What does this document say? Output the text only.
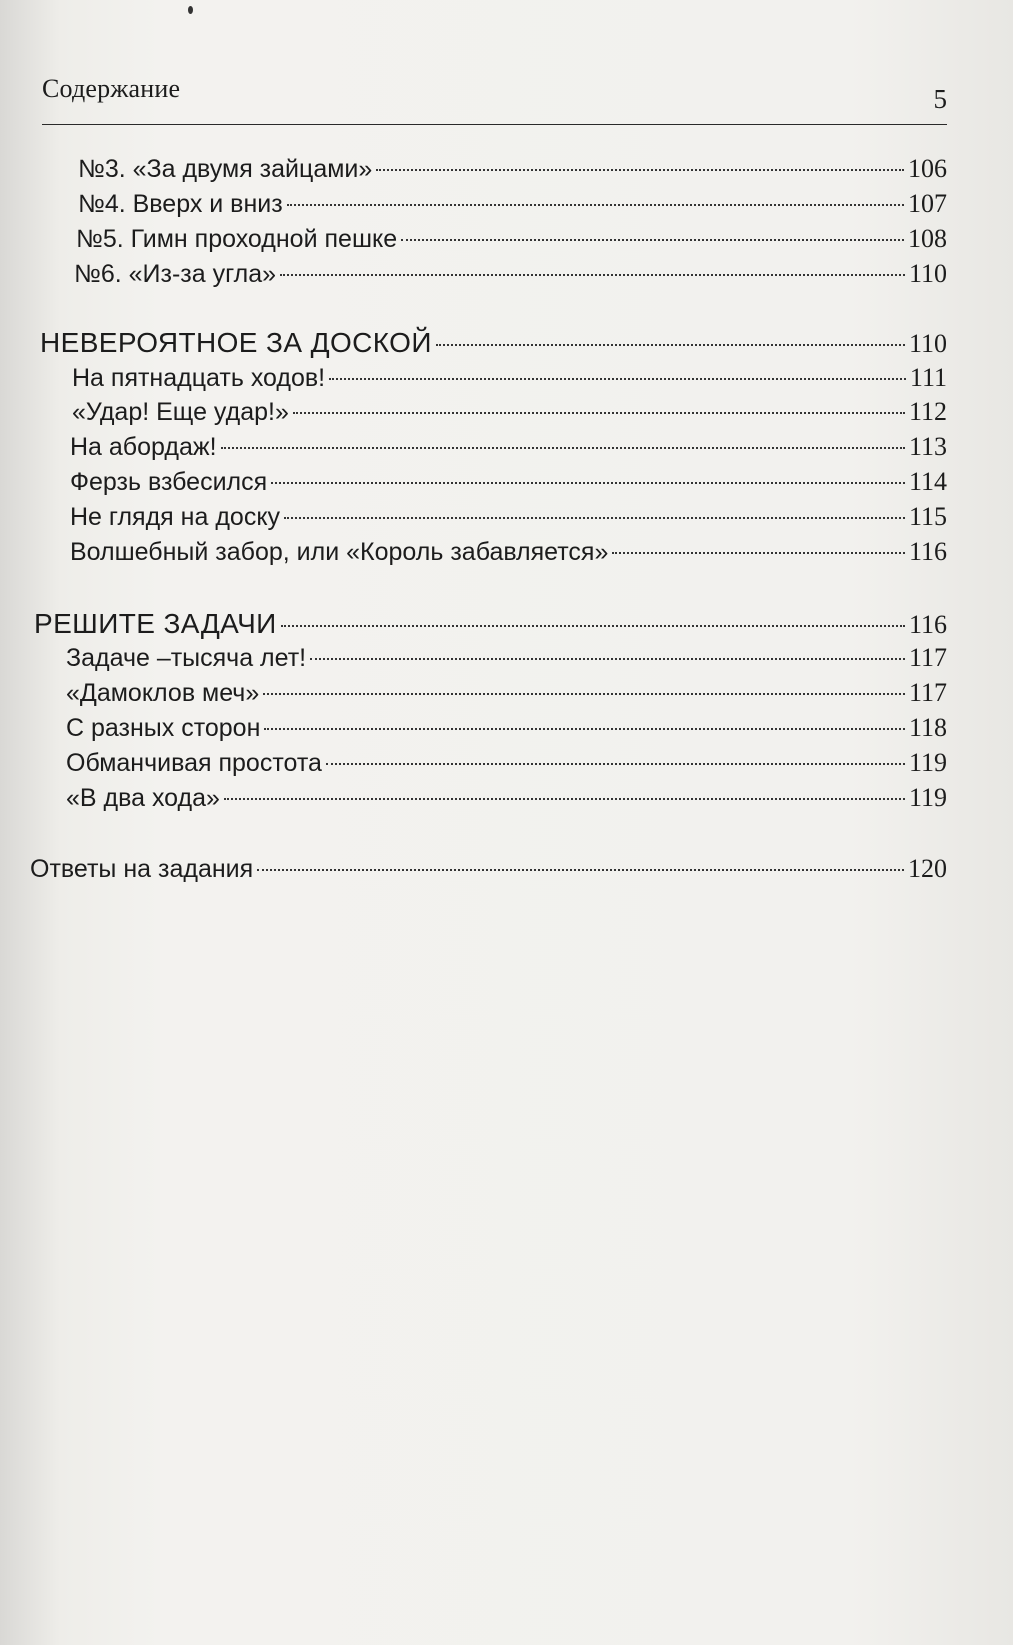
Содержание	5
№3. «За двумя зайцами»	106
№4. Вверх и вниз	107
№5. Гимн проходной пешке	108
№6. «Из-за угла»	110
НЕВЕРОЯТНОЕ ЗА ДОСКОЙ	110
На пятнадцать ходов!	111
«Удар! Еще удар!»	112
На абордаж!	113
Ферзь взбесился	114
Не глядя на доску	115
Волшебный забор, или «Король забавляется»	116
РЕШИТЕ ЗАДАЧИ	116
Задаче –тысяча лет!	117
«Дамоклов меч»	117
С разных сторон	118
Обманчивая простота	119
«В два хода»	119
Ответы на задания	120
